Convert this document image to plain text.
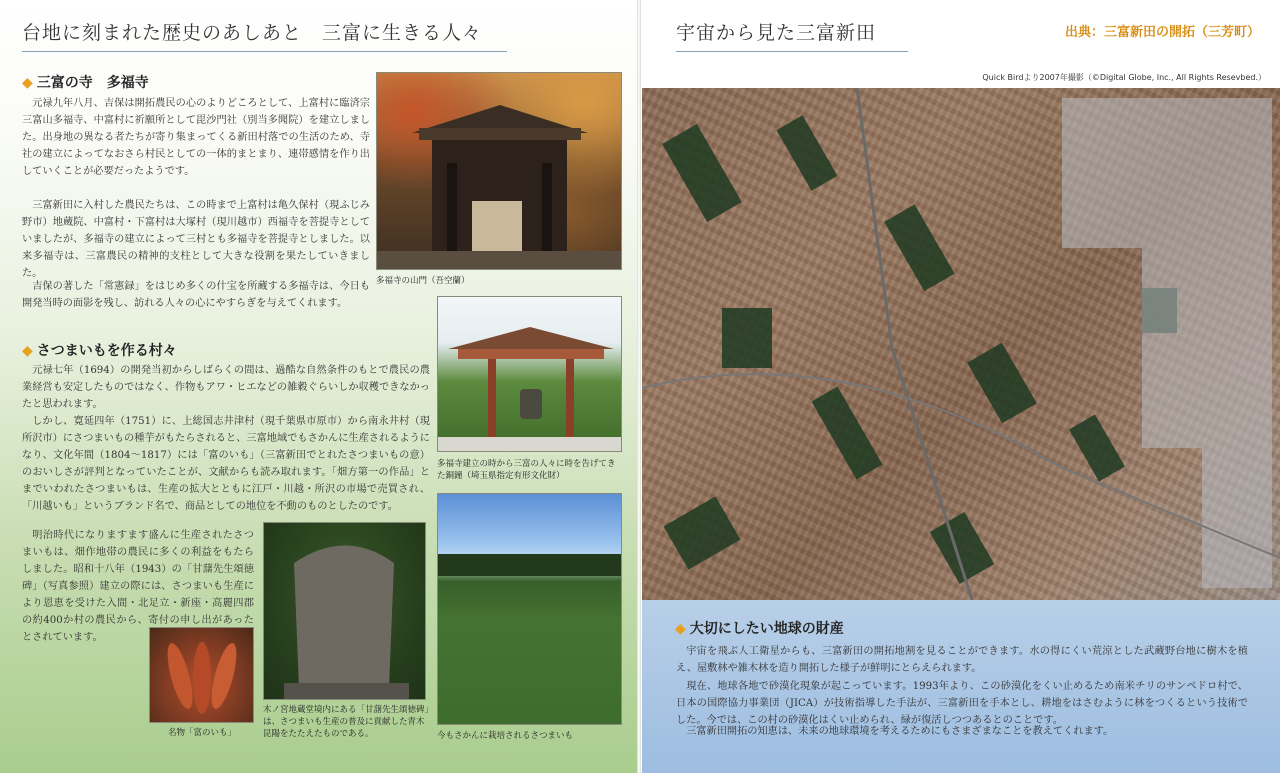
台地に刻まれた歴史のあしあと　三富に生きる人々
◆ 三富の寺　多福寺
元禄九年八月、吉保は開拓農民の心のよりどころとして、上富村に臨済宗三富山多福寺、中富村に祈願所として毘沙門社（別当多聞院）を建立しました。出身地の異なる者たちが寄り集まってくる新田村落での生活のため、寺社の建立によってなおさら村民としての一体的まとまり、連帯感情を作り出していくことが必要だったようです。
三富新田に入村した農民たちは、この時まで上富村は亀久保村（現ふじみ野市）地蔵院、中富村・下富村は大塚村（現川越市）西福寺を菩提寺としていましたが、多福寺の建立によって三村とも多福寺を菩提寺としました。以来多福寺は、三富農民の精神的支柱として大きな役割を果たしていきました。
吉保の著した「常憲録」をはじめ多くの什宝を所蔵する多福寺は、今日も開発当時の面影を残し、訪れる人々の心にやすらぎを与えてくれます。
多福寺の山門（吾空蘭）
◆ さつまいもを作る村々
元禄七年（1694）の開発当初からしばらくの間は、過酷な自然条件のもとで農民の農業経営も安定したものではなく、作物もアワ・ヒエなどの雑穀ぐらいしか収穫できなかったと思われます。
しかし、寛延四年（1751）に、上総国志井津村（現千葉県市原市）から南永井村（現所沢市）にさつまいもの種芋がもたらされると、三富地域でもさかんに生産されるようになり、文化年間（1804〜1817）には「富のいも」（三富新田でとれたさつまいもの意）のおいしさが評判となっていたことが、文献からも読み取れます。「畑方第一の作品」とまでいわれたさつまいもは、生産の拡大とともに江戸・川越・所沢の市場で売買され、「川越いも」というブランド名で、商品としての地位を不動のものとしたのです。
明治時代になりますます盛んに生産されたさつまいもは、畑作地帯の農民に多くの利益をもたらしました。昭和十八年（1943）の「甘藷先生頌徳碑」（写真参照）建立の際には、さつまいも生産により恩恵を受けた入間・北足立・新座・高麗四郡の約400か村の農民から、寄付の申し出があったとされています。
多福寺建立の時から三富の人々に時を告げてきた銅鐘（埼玉県指定有形文化財）
今もさかんに栽培されるさつまいも
木ノ宮地蔵堂境内にある「甘藷先生頌徳碑」は、さつまいも生産の普及に貢献した青木昆陽をたたえたものである。
名物「富のいも」
宇宙から見た三富新田	出典：三富新田の開拓（三芳町）
Quick Birdより2007年撮影（©Digital Globe, Inc., All Rights Resevbed.）
◆ 大切にしたい地球の財産
宇宙を飛ぶ人工衛星からも、三富新田の開拓地割を見ることができます。水の得にくい荒涼とした武蔵野台地に樹木を植え、屋敷林や雑木林を造り開拓した様子が鮮明にとらえられます。
現在、地球各地で砂漠化現象が起こっています。1993年より、この砂漠化をくい止めるため南米チリのサンペドロ村で、日本の国際協力事業団（JICA）が技術指導した手法が、三富新田を手本とし、耕地をはさむように林をつくるという技術でした。今では、この村の砂漠化はくい止められ、緑が復活しつつあるとのことです。
三富新田開拓の知恵は、未来の地球環境を考えるためにもさまざまなことを教えてくれます。
